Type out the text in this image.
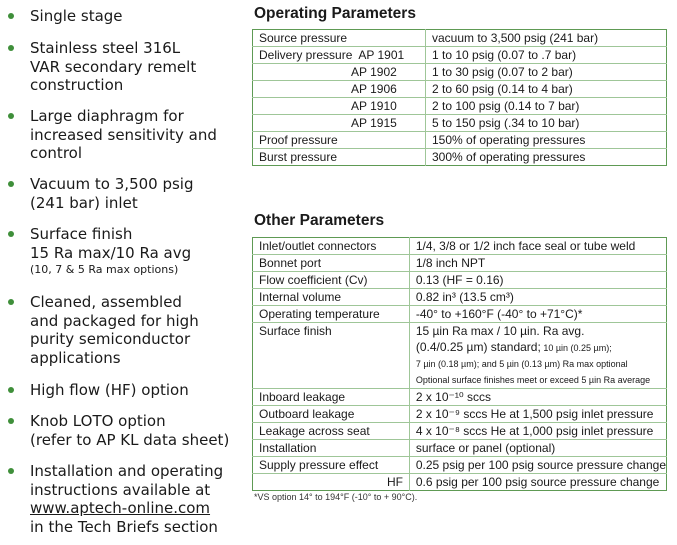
Single stage
Stainless steel 316L
VAR secondary remelt
construction
Large diaphragm for
increased sensitivity and
control
Vacuum to 3,500 psig
(241 bar) inlet
Surface finish
15 Ra max/10 Ra avg
(10, 7 & 5 Ra max options)
Cleaned, assembled
and packaged for high
purity semiconductor
applications
High flow (HF) option
Knob LOTO option
(refer to AP KL data sheet)
Installation and operating
instructions available at
www.aptech-online.com
in the Tech Briefs section
Operating Parameters
Source pressure	vacuum to 3,500 psig (241 bar)
Delivery pressure AP 1901	1 to 10 psig (0.07 to .7 bar)
AP 1902	1 to 30 psig (0.07 to 2 bar)
AP 1906	2 to 60 psig (0.14 to 4 bar)
AP 1910	2 to 100 psig (0.14 to 7 bar)
AP 1915	5 to 150 psig (.34 to 10 bar)
Proof pressure	150% of operating pressures
Burst pressure	300% of operating pressures
Other Parameters
Inlet/outlet connectors	1/4, 3/8 or 1/2 inch face seal or tube weld
Bonnet port	1/8 inch NPT
Flow coefficient (Cv)	0.13 (HF = 0.16)
Internal volume	0.82 in³ (13.5 cm³)
Operating temperature	-40° to +160°F (-40° to +71°C)*
Surface finish	15 µin Ra max / 10 µin. Ra avg.
(0.4/0.25 µm) standard; 10 µin (0.25 µm);
7 µin (0.18 µm); and 5 µin (0.13 µm) Ra max optional
Optional surface finishes meet or exceed 5 µin Ra average

Inboard leakage	2 x 10⁻¹⁰ sccs
Outboard leakage	2 x 10⁻⁹ sccs He at 1,500 psig inlet pressure
Leakage across seat	4 x 10⁻⁸ sccs He at 1,000 psig inlet pressure
Installation	surface or panel (optional)
Supply pressure effect	0.25 psig per 100 psig source pressure change
HF	0.6 psig per 100 psig source pressure change
*VS option 14° to 194°F (-10° to + 90°C).
